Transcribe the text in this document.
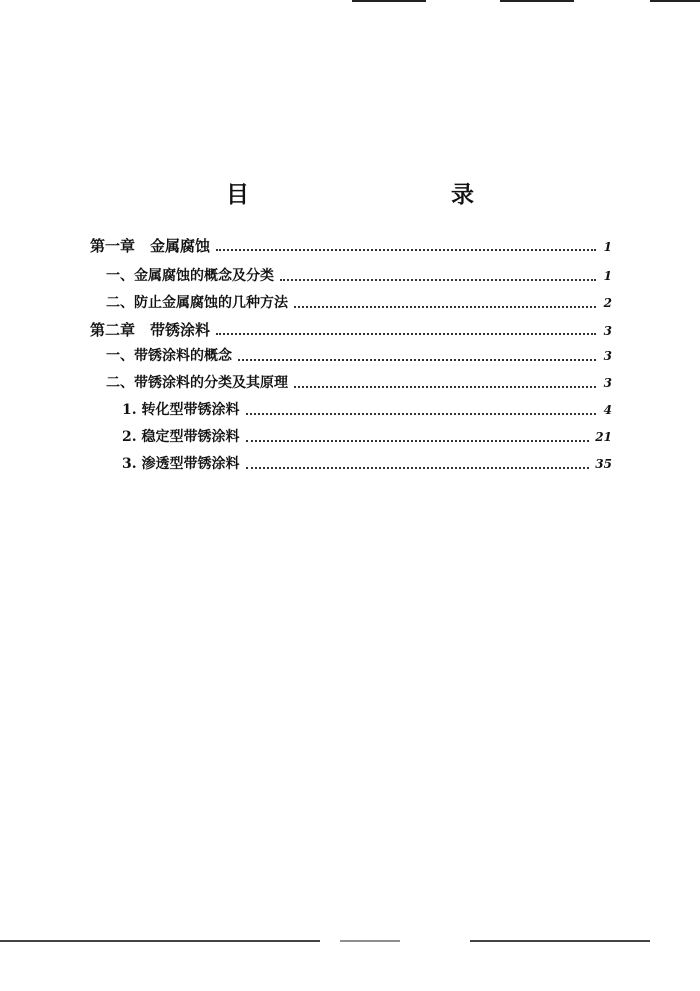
目　　录
第一章　金属腐蚀	1
一、金属腐蚀的概念及分类	1
二、防止金属腐蚀的几种方法	2
第二章　带锈涂料	3
一、带锈涂料的概念	3
二、带锈涂料的分类及其原理	3
1. 转化型带锈涂料	4
2. 稳定型带锈涂料	21
3. 渗透型带锈涂料	35
